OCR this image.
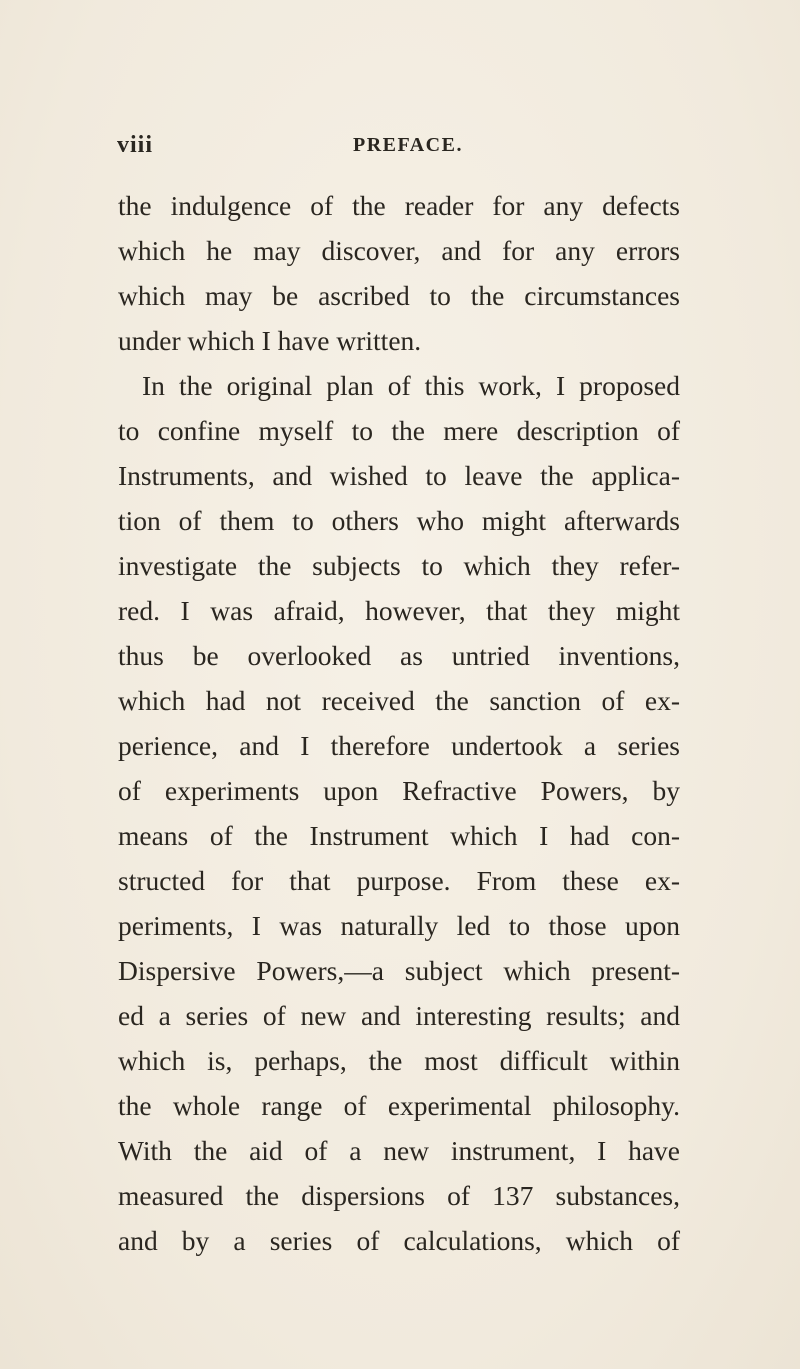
viii	PREFACE.
the indulgence of the reader for any defects
which he may discover, and for any errors
which may be ascribed to the circumstances
under which I have written.
In the original plan of this work, I proposed
to confine myself to the mere description of
Instruments, and wished to leave the applica-
tion of them to others who might afterwards
investigate the subjects to which they refer-
red. I was afraid, however, that they might
thus be overlooked as untried inventions,
which had not received the sanction of ex-
perience, and I therefore undertook a series
of experiments upon Refractive Powers, by
means of the Instrument which I had con-
structed for that purpose. From these ex-
periments, I was naturally led to those upon
Dispersive Powers,—a subject which present-
ed a series of new and interesting results; and
which is, perhaps, the most difficult within
the whole range of experimental philosophy.
With the aid of a new instrument, I have
measured the dispersions of 137 substances,
and by a series of calculations, which of
